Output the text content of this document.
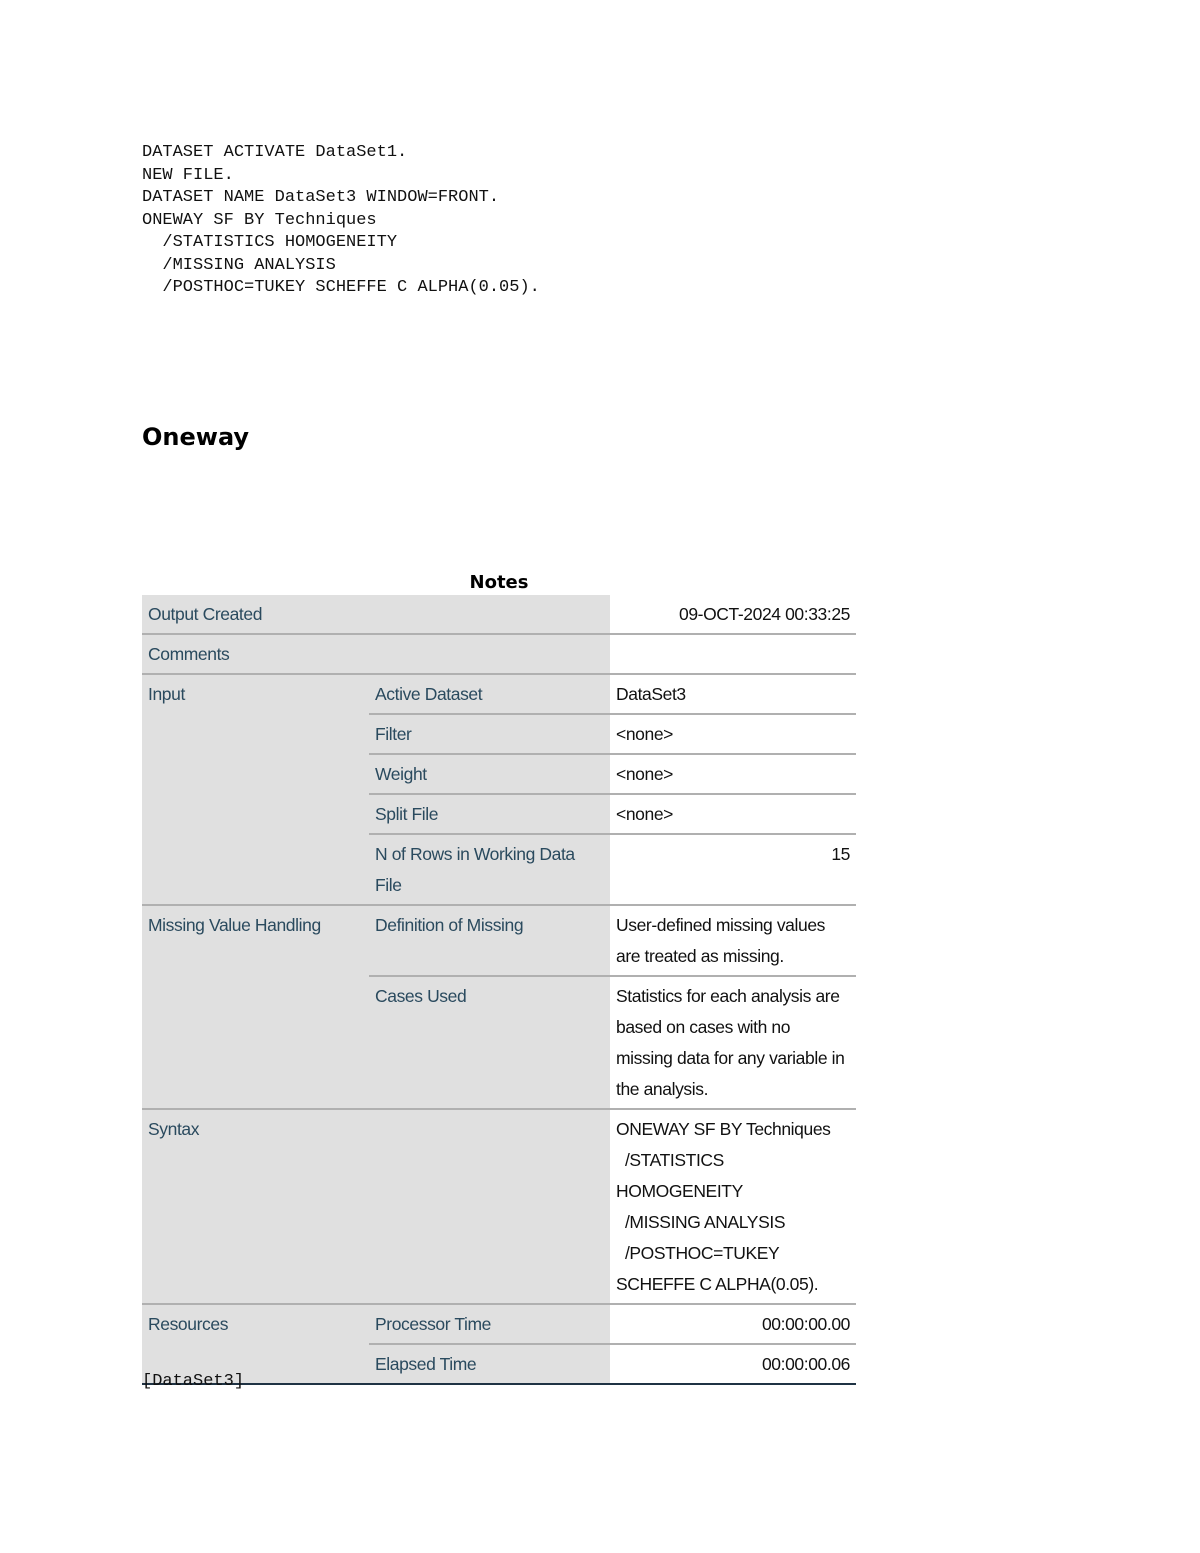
DATASET ACTIVATE DataSet1.
NEW FILE.
DATASET NAME DataSet3 WINDOW=FRONT.
ONEWAY SF BY Techniques
/STATISTICS HOMOGENEITY
/MISSING ANALYSIS
/POSTHOC=TUKEY SCHEFFE C ALPHA(0.05).
Oneway
Notes
Output Created		09-OCT-2024 00:33:25
Comments		
Input	Active Dataset	DataSet3
	Filter	<none>
	Weight	<none>
	Split File	<none>
	N of Rows in Working Data File	15
Missing Value Handling	Definition of Missing	User-defined missing values are treated as missing.
	Cases Used	Statistics for each analysis are based on cases with no missing data for any variable in the analysis.
Syntax		ONEWAY SF BY Techniques
/STATISTICS HOMOGENEITY
/MISSING ANALYSIS
/POSTHOC=TUKEY SCHEFFE C ALPHA(0.05).
Resources	Processor Time	00:00:00.00
	Elapsed Time	00:00:00.06
[DataSet3]
